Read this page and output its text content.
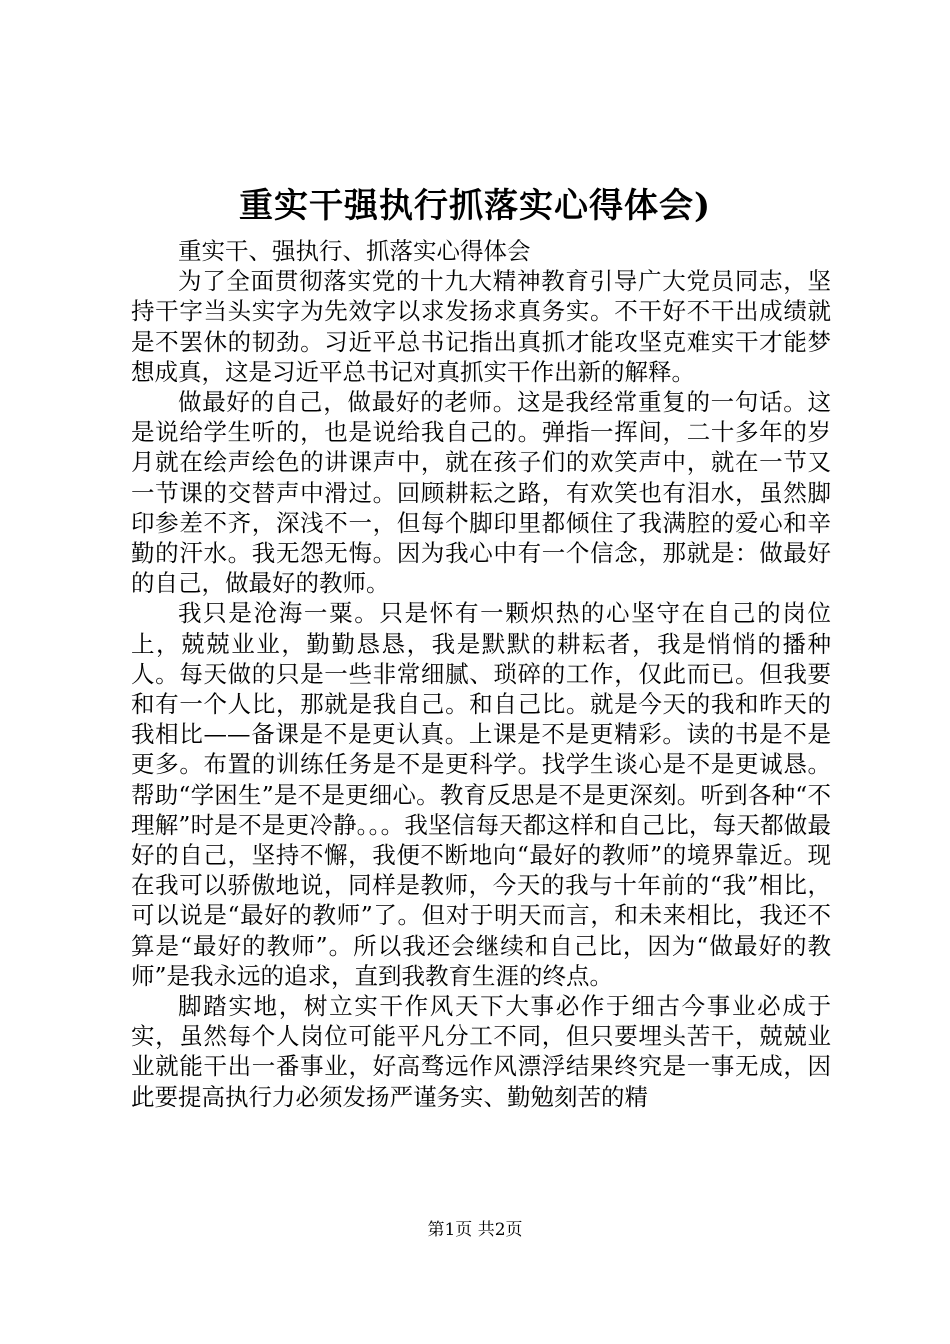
重实干强执行抓落实心得体会)

重实干、强执行、抓落实心得体会

为了全面贯彻落实党的十九大精神教育引导广大党员同志，坚持干字当头实字为先效字以求发扬求真务实。不干好不干出成绩就是不罢休的韧劲。习近平总书记指出真抓才能攻坚克难实干才能梦想成真，这是习近平总书记对真抓实干作出新的解释。

做最好的自己，做最好的老师。这是我经常重复的一句话。这是说给学生听的，也是说给我自己的。弹指一挥间，二十多年的岁月就在绘声绘色的讲课声中，就在孩子们的欢笑声中，就在一节又一节课的交替声中滑过。回顾耕耘之路，有欢笑也有泪水，虽然脚印参差不齐，深浅不一，但每个脚印里都倾住了我满腔的爱心和辛勤的汗水。我无怨无悔。因为我心中有一个信念，那就是：做最好的自己，做最好的教师。

我只是沧海一粟。只是怀有一颗炽热的心坚守在自己的岗位上，兢兢业业，勤勤恳恳，我是默默的耕耘者，我是悄悄的播种人。每天做的只是一些非常细腻、琐碎的工作，仅此而已。但我要和有一个人比，那就是我自己。和自己比。就是今天的我和昨天的我相比——备课是不是更认真。上课是不是更精彩。读的书是不是更多。布置的训练任务是不是更科学。找学生谈心是不是更诚恳。帮助“学困生”是不是更细心。教育反思是不是更深刻。听到各种“不理解”时是不是更冷静。。。我坚信每天都这样和自己比，每天都做最好的自己，坚持不懈，我便不断地向“最好的教师”的境界靠近。现在我可以骄傲地说，同样是教师，今天的我与十年前的“我”相比，可以说是“最好的教师”了。但对于明天而言，和未来相比，我还不算是“最好的教师”。所以我还会继续和自己比，因为“做最好的教师”是我永远的追求，直到我教育生涯的终点。

脚踏实地，树立实干作风天下大事必作于细古今事业必成于实，虽然每个人岗位可能平凡分工不同，但只要埋头苦干，兢兢业业就能干出一番事业，好高骛远作风漂浮结果终究是一事无成，因此要提高执行力必须发扬严谨务实、勤勉刻苦的精

第1页 共2页
